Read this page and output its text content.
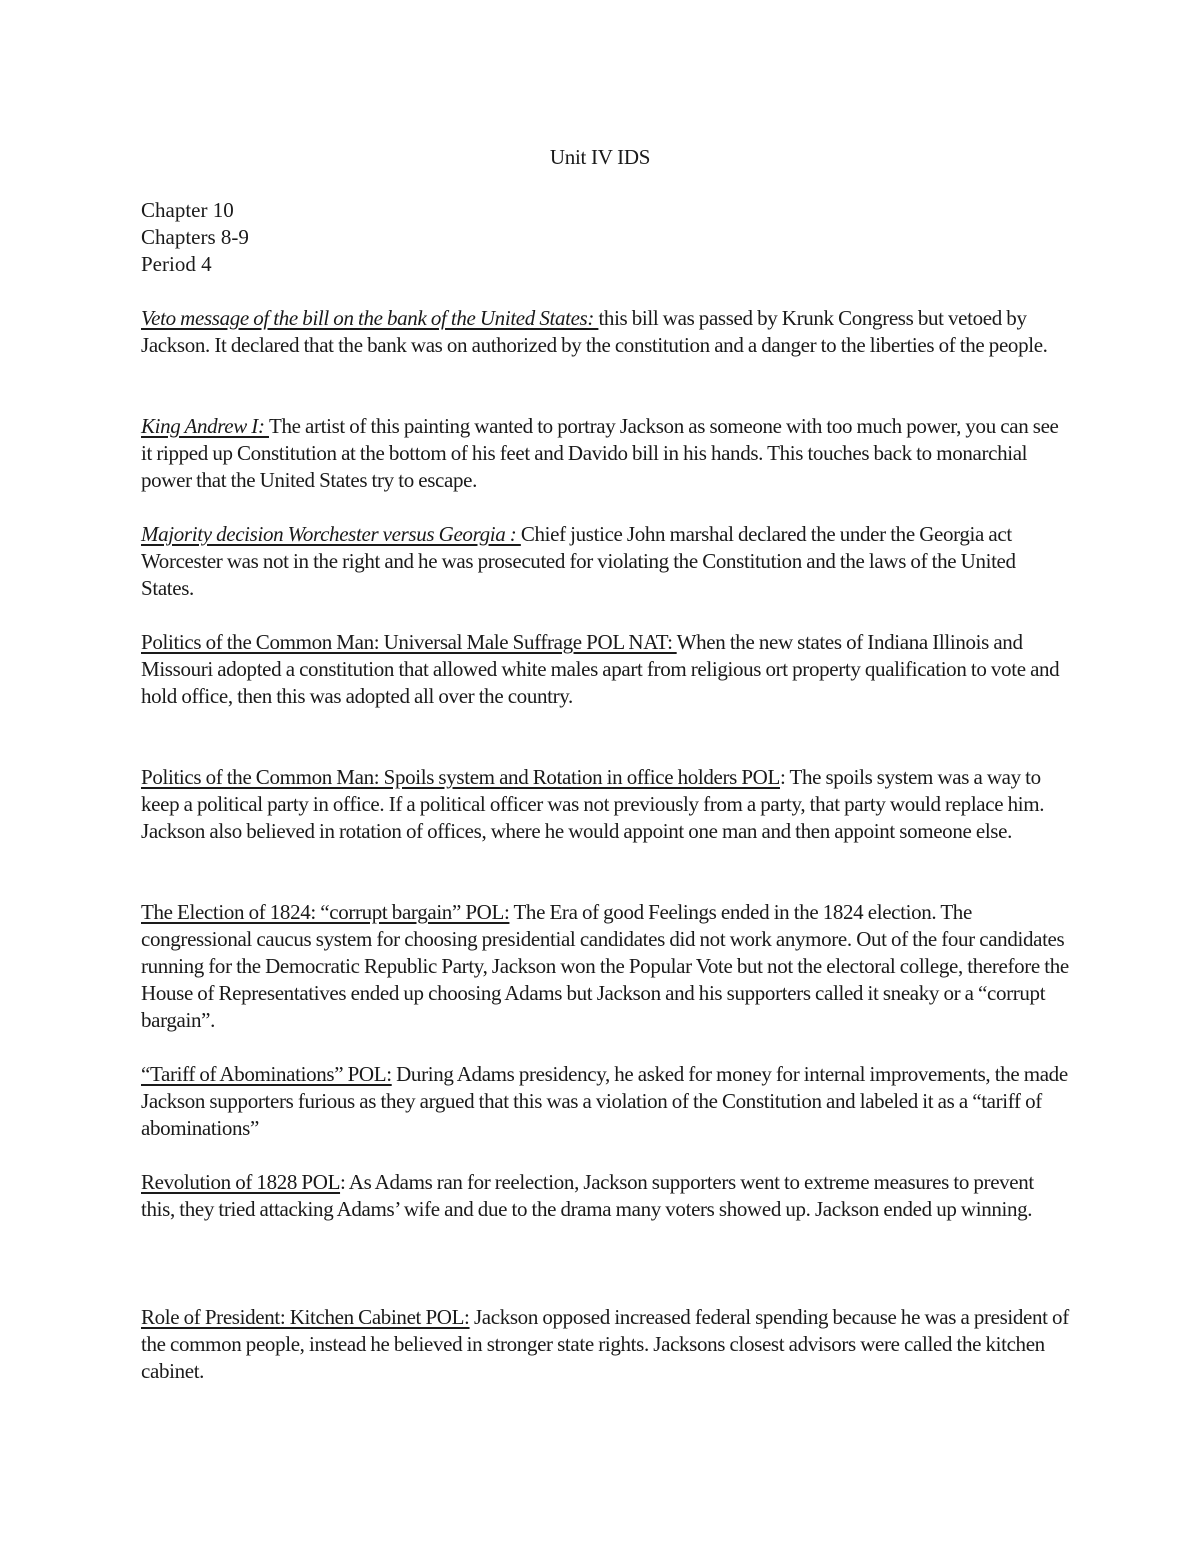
Unit IV IDS
Chapter 10
Chapters 8-9
Period 4

Veto message of the bill on the bank of the United States: this bill was passed by Krunk Congress but vetoed by Jackson. It declared that the bank was on authorized by the constitution and a danger to the liberties of the people.

King Andrew I: The artist of this painting wanted to portray Jackson as someone with too much power, you can see it ripped up Constitution at the bottom of his feet and Davido bill in his hands. This touches back to monarchial power that the United States try to escape.

Majority decision Worchester versus Georgia : Chief justice John marshal declared the under the Georgia act Worcester was not in the right and he was prosecuted for violating the Constitution and the laws of the United States.

Politics of the Common Man: Universal Male Suffrage POL NAT: When the new states of Indiana Illinois and Missouri adopted a constitution that allowed white males apart from religious ort property qualification to vote and hold office, then this was adopted all over the country.

Politics of the Common Man: Spoils system and Rotation in office holders POL: The spoils system was a way to keep a political party in office. If a political officer was not previously from a party, that party would replace him. Jackson also believed in rotation of offices, where he would appoint one man and then appoint someone else.

The Election of 1824: “corrupt bargain” POL: The Era of good Feelings ended in the 1824 election. The congressional caucus system for choosing presidential candidates did not work anymore. Out of the four candidates running for the Democratic Republic Party, Jackson won the Popular Vote but not the electoral college, therefore the House of Representatives ended up choosing Adams but Jackson and his supporters called it sneaky or a “corrupt bargain”.

“Tariff of Abominations” POL: During Adams presidency, he asked for money for internal improvements, the made Jackson supporters furious as they argued that this was a violation of the Constitution and labeled it as a “tariff of abominations”

Revolution of 1828 POL: As Adams ran for reelection, Jackson supporters went to extreme measures to prevent this, they tried attacking Adams’ wife and due to the drama many voters showed up. Jackson ended up winning.

Role of President: Kitchen Cabinet POL: Jackson opposed increased federal spending because he was a president of the common people, instead he believed in stronger state rights. Jacksons closest advisors were called the kitchen cabinet.
